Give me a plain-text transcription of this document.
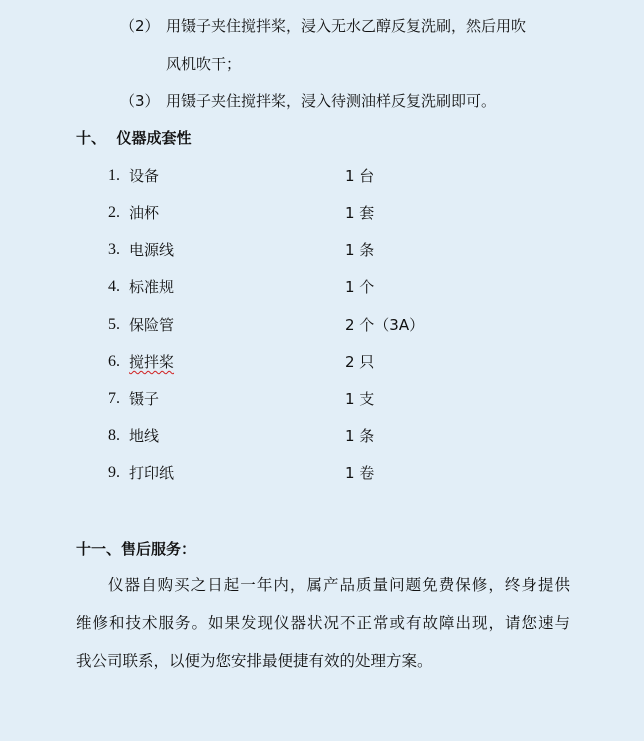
（2） 用镊子夹住搅拌桨，浸入无水乙醇反复洗刷，然后用吹
风机吹干；
（3） 用镊子夹住搅拌桨，浸入待测油样反复洗刷即可。
十、  仪器成套性
1. 设备	1 台
2. 油杯	1 套
3. 电源线	1 条
4. 标准规	1 个
5. 保险管	2 个（3A）
6. 搅拌桨	2 只
7. 镊子	1 支
8. 地线	1 条
9. 打印纸	1 卷
十一、售后服务：
仪器自购买之日起一年内，属产品质量问题免费保修，终身提供
维修和技术服务。如果发现仪器状况不正常或有故障出现，请您速与
我公司联系，以便为您安排最便捷有效的处理方案。
